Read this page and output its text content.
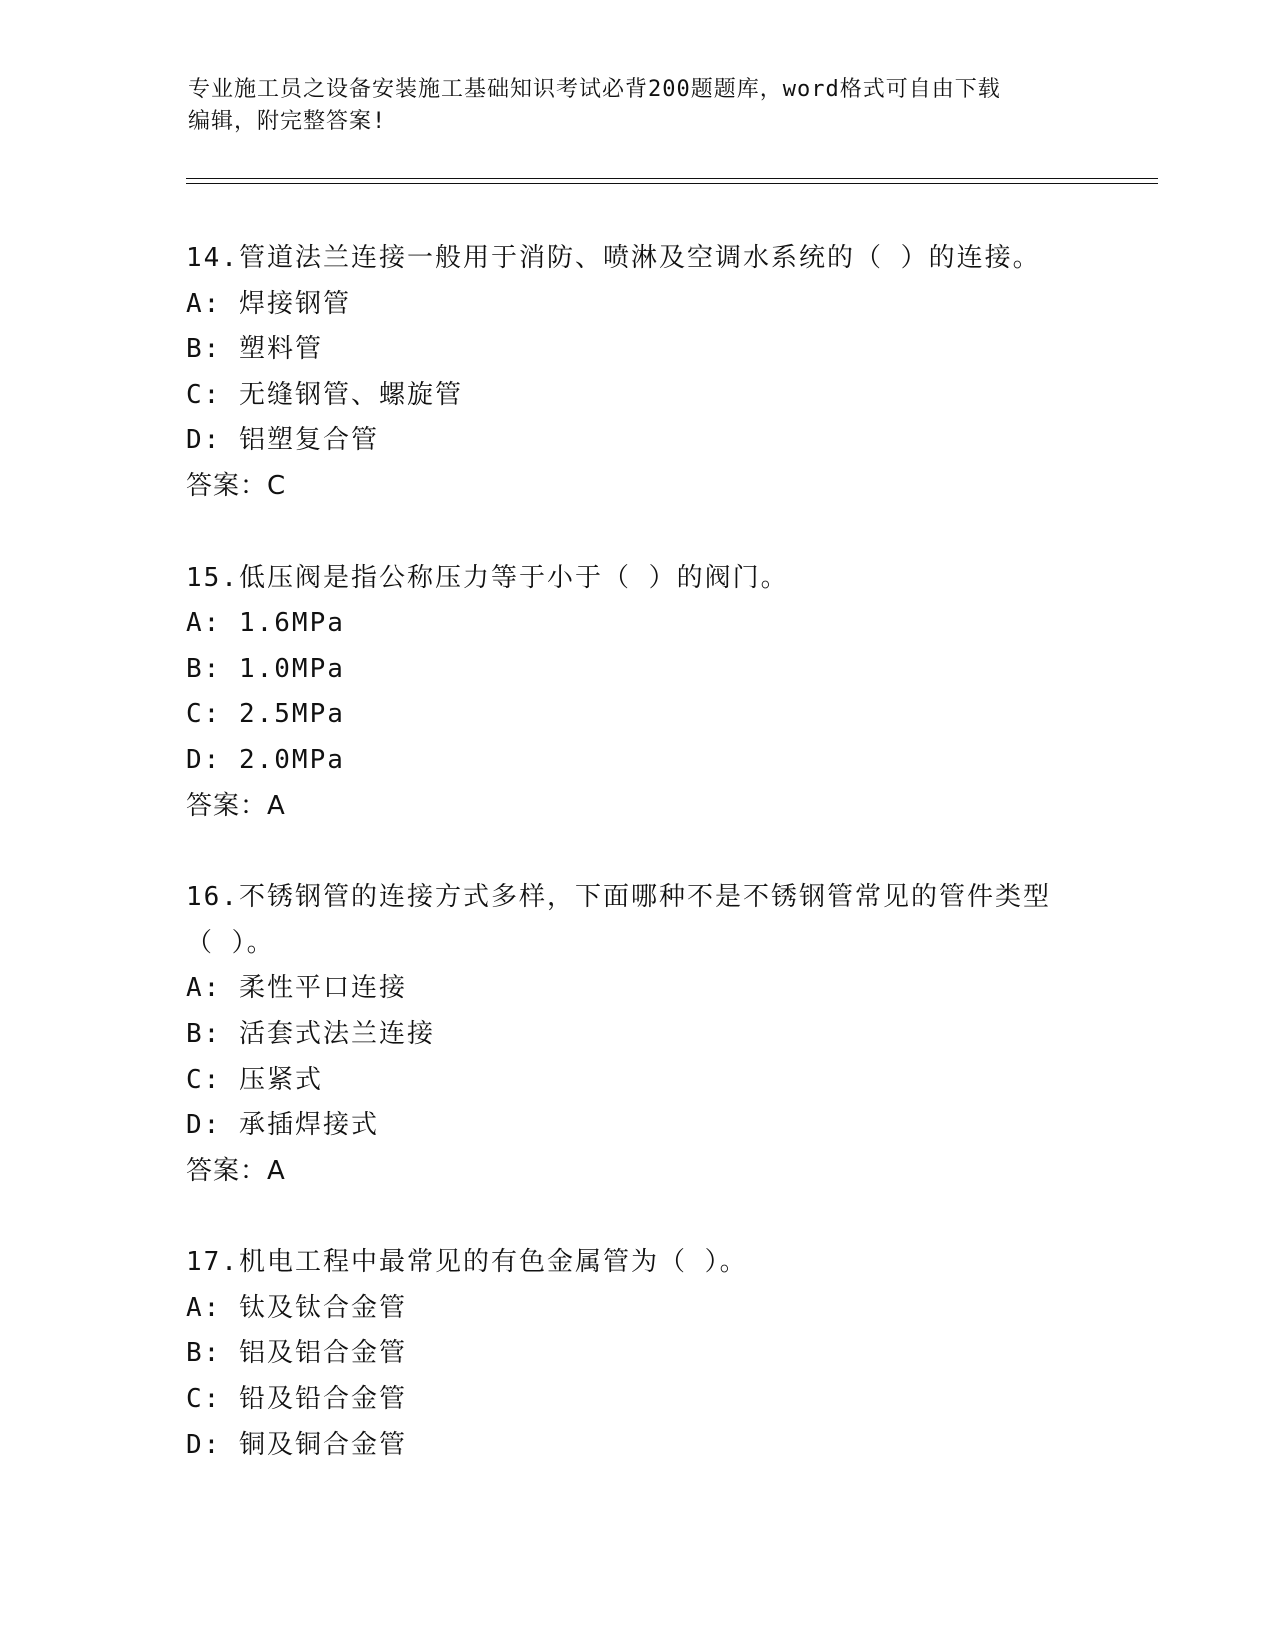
专业施工员之设备安装施工基础知识考试必背200题题库，word格式可自由下载
编辑，附完整答案!
14.管道法兰连接一般用于消防、喷淋及空调水系统的（ ）的连接。
A: 焊接钢管
B: 塑料管
C: 无缝钢管、螺旋管
D: 铝塑复合管
答案：C
15.低压阀是指公称压力等于小于（ ）的阀门。
A: 1.6MPa
B: 1.0MPa
C: 2.5MPa
D: 2.0MPa
答案：A
16.不锈钢管的连接方式多样，下面哪种不是不锈钢管常见的管件类型
（ ）。
A: 柔性平口连接
B: 活套式法兰连接
C: 压紧式
D: 承插焊接式
答案：A
17.机电工程中最常见的有色金属管为（ ）。
A: 钛及钛合金管
B: 铝及铝合金管
C: 铅及铅合金管
D: 铜及铜合金管
